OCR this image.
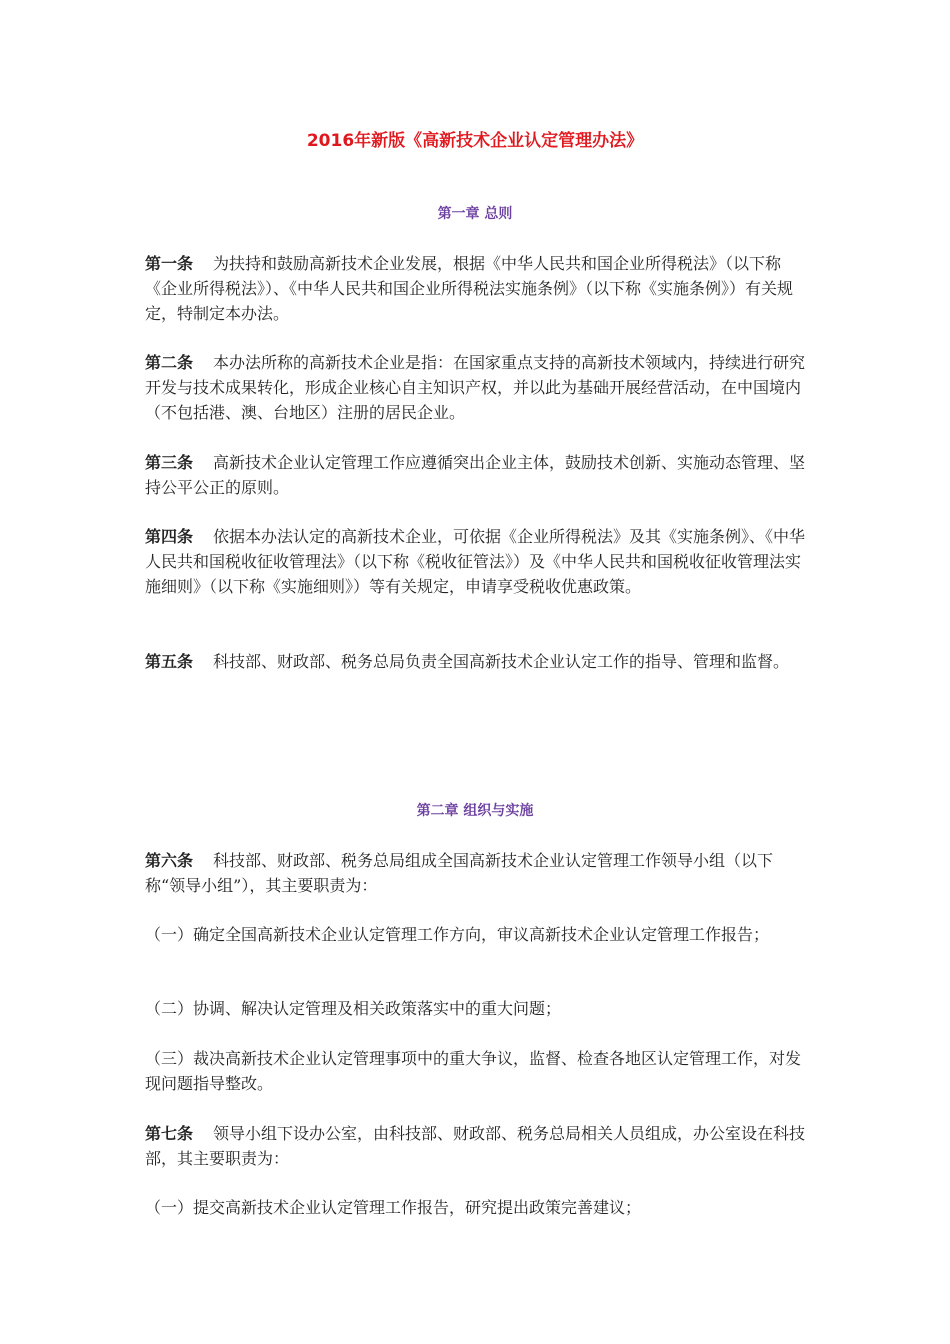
2016年新版《高新技术企业认定管理办法》
第一章 总则

第一条 为扶持和鼓励高新技术企业发展，根据《中华人民共和国企业所得税法》（以下称《企业所得税法》）、《中华人民共和国企业所得税法实施条例》（以下称《实施条例》）有关规定，特制定本办法。

第二条 本办法所称的高新技术企业是指：在国家重点支持的高新技术领域内，持续进行研究开发与技术成果转化，形成企业核心自主知识产权，并以此为基础开展经营活动，在中国境内（不包括港、澳、台地区）注册的居民企业。

第三条 高新技术企业认定管理工作应遵循突出企业主体，鼓励技术创新、实施动态管理、坚持公平公正的原则。

第四条 依据本办法认定的高新技术企业，可依据《企业所得税法》及其《实施条例》、《中华人民共和国税收征收管理法》（以下称《税收征管法》）及《中华人民共和国税收征收管理法实施细则》（以下称《实施细则》）等有关规定，申请享受税收优惠政策。

第五条 科技部、财政部、税务总局负责全国高新技术企业认定工作的指导、管理和监督。

第二章 组织与实施

第六条 科技部、财政部、税务总局组成全国高新技术企业认定管理工作领导小组（以下称“领导小组”），其主要职责为：

（一）确定全国高新技术企业认定管理工作方向，审议高新技术企业认定管理工作报告；

（二）协调、解决认定管理及相关政策落实中的重大问题；

（三）裁决高新技术企业认定管理事项中的重大争议，监督、检查各地区认定管理工作，对发现问题指导整改。

第七条 领导小组下设办公室，由科技部、财政部、税务总局相关人员组成，办公室设在科技部，其主要职责为：

（一）提交高新技术企业认定管理工作报告，研究提出政策完善建议；
